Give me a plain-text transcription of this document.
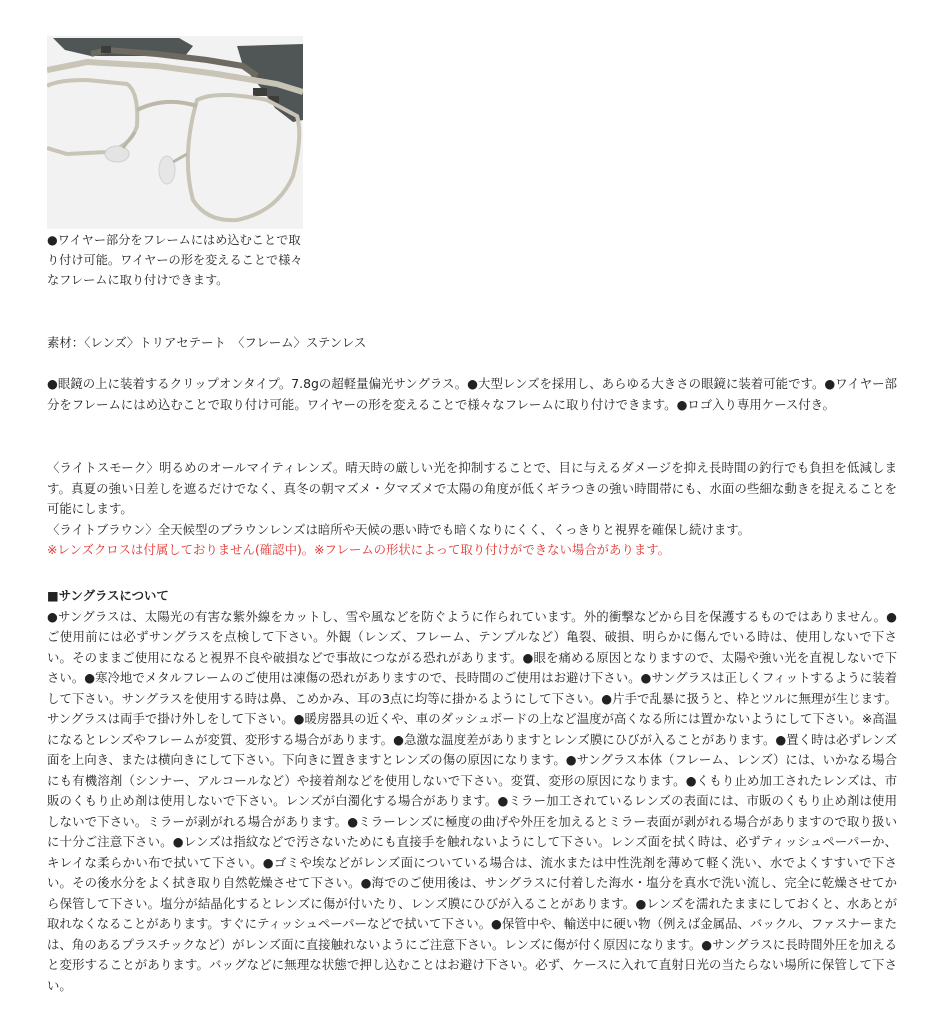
●ワイヤー部分をフレームにはめ込むことで取り付け可能。ワイヤーの形を変えることで様々なフレームに取り付けできます。
素材：〈レンズ〉トリアセテート　〈フレーム〉ステンレス
●眼鏡の上に装着するクリップオンタイプ。7.8gの超軽量偏光サングラス。●大型レンズを採用し、あらゆる大きさの眼鏡に装着可能です。●ワイヤー部分をフレームにはめ込むことで取り付け可能。ワイヤーの形を変えることで様々なフレームに取り付けできます。●ロゴ入り専用ケース付き。

〈ライトスモーク〉明るめのオールマイティレンズ。晴天時の厳しい光を抑制することで、目に与えるダメージを抑え長時間の釣行でも負担を低減します。真夏の強い日差しを遮るだけでなく、真冬の朝マズメ・夕マズメで太陽の角度が低くギラつきの強い時間帯にも、水面の些細な動きを捉えることを可能にします。

〈ライトブラウン〉全天候型のブラウンレンズは暗所や天候の悪い時でも暗くなりにくく、くっきりと視界を確保し続けます。

※レンズクロスは付属しておりません(確認中)。※フレームの形状によって取り付けができない場合があります。

■サングラスについて

●サングラスは、太陽光の有害な紫外線をカットし、雪や風などを防ぐように作られています。外的衝撃などから目を保護するものではありません。●ご使用前には必ずサングラスを点検して下さい。外観（レンズ、フレーム、テンプルなど）亀裂、破損、明らかに傷んでいる時は、使用しないで下さい。そのままご使用になると視界不良や破損などで事故につながる恐れがあります。●眼を痛める原因となりますので、太陽や強い光を直視しないで下さい。●寒冷地でメタルフレームのご使用は凍傷の恐れがありますので、長時間のご使用はお避け下さい。●サングラスは正しくフィットするように装着して下さい。サングラスを使用する時は鼻、こめかみ、耳の3点に均等に掛かるようにして下さい。●片手で乱暴に扱うと、枠とツルに無理が生じます。サングラスは両手で掛け外しをして下さい。●暖房器具の近くや、車のダッシュボードの上など温度が高くなる所には置かないようにして下さい。※高温になるとレンズやフレームが変質、変形する場合があります。●急激な温度差がありますとレンズ膜にひびが入ることがあります。●置く時は必ずレンズ面を上向き、または横向きにして下さい。下向きに置きますとレンズの傷の原因になります。●サングラス本体（フレーム、レンズ）には、いかなる場合にも有機溶剤（シンナー、アルコールなど）や接着剤などを使用しないで下さい。変質、変形の原因になります。●くもり止め加工されたレンズは、市販のくもり止め剤は使用しないで下さい。レンズが白濁化する場合があります。●ミラー加工されているレンズの表面には、市販のくもり止め剤は使用しないで下さい。ミラーが剥がれる場合があります。●ミラーレンズに極度の曲げや外圧を加えるとミラー表面が剥がれる場合がありますので取り扱いに十分ご注意下さい。●レンズは指紋などで汚さないためにも直接手を触れないようにして下さい。レンズ面を拭く時は、必ずティッシュペーパーか、キレイな柔らかい布で拭いて下さい。●ゴミや埃などがレンズ面についている場合は、流水または中性洗剤を薄めて軽く洗い、水でよくすすいで下さい。その後水分をよく拭き取り自然乾燥させて下さい。●海でのご使用後は、サングラスに付着した海水・塩分を真水で洗い流し、完全に乾燥させてから保管して下さい。塩分が結晶化するとレンズに傷が付いたり、レンズ膜にひびが入ることがあります。●レンズを濡れたままにしておくと、水あとが取れなくなることがあります。すぐにティッシュペーパーなどで拭いて下さい。●保管中や、輸送中に硬い物（例えば金属品、バックル、ファスナーまたは、角のあるプラスチックなど）がレンズ面に直接触れないようにご注意下さい。レンズに傷が付く原因になります。●サングラスに長時間外圧を加えると変形することがあります。バッグなどに無理な状態で押し込むことはお避け下さい。必ず、ケースに入れて直射日光の当たらない場所に保管して下さい。
